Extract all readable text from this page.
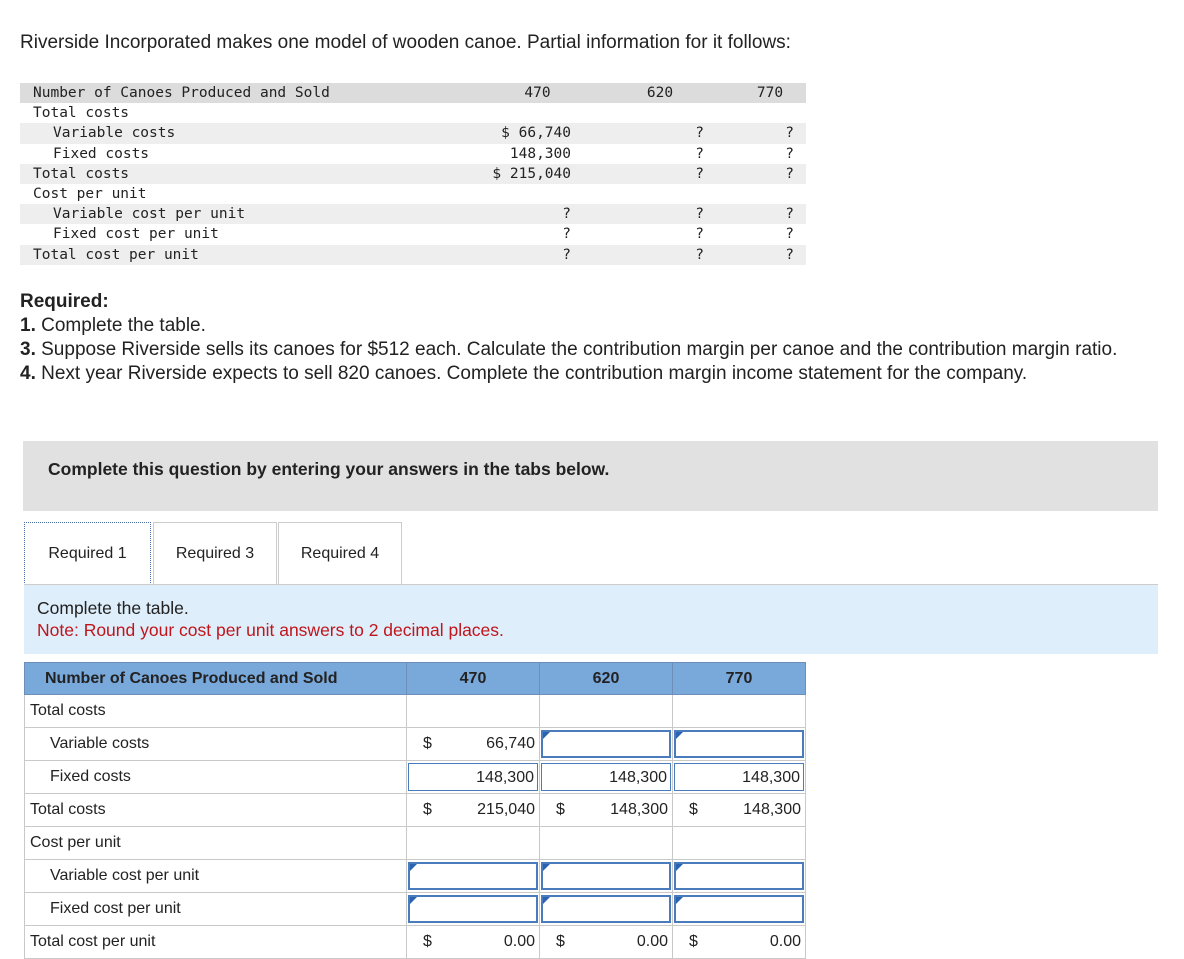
Riverside Incorporated makes one model of wooden canoe. Partial information for it follows:
Number of Canoes Produced and Sold	470	620	770
Total costs
Variable costs	$ 66,740	?	?
Fixed costs	148,300	?	?
Total costs	$ 215,040	?	?
Cost per unit
Variable cost per unit	?	?	?
Fixed cost per unit	?	?	?
Total cost per unit	?	?	?
Required:
1. Complete the table.
3. Suppose Riverside sells its canoes for $512 each. Calculate the contribution margin per canoe and the contribution margin ratio.
4. Next year Riverside expects to sell 820 canoes. Complete the contribution margin income statement for the company.
Complete this question by entering your answers in the tabs below.
Required 1	Required 3	Required 4
Complete the table.
Note: Round your cost per unit answers to 2 decimal places.
Number of Canoes Produced and Sold	470	620	770
Total costs			
Variable costs	$ 66,740		

Fixed costs	148,300	148,300	148,300

Total costs	$ 215,040	$ 148,300	$ 148,300

Cost per unit			
Variable cost per unit	

Fixed cost per unit	

Total cost per unit	$ 0.00	$ 0.00	$ 0.00
